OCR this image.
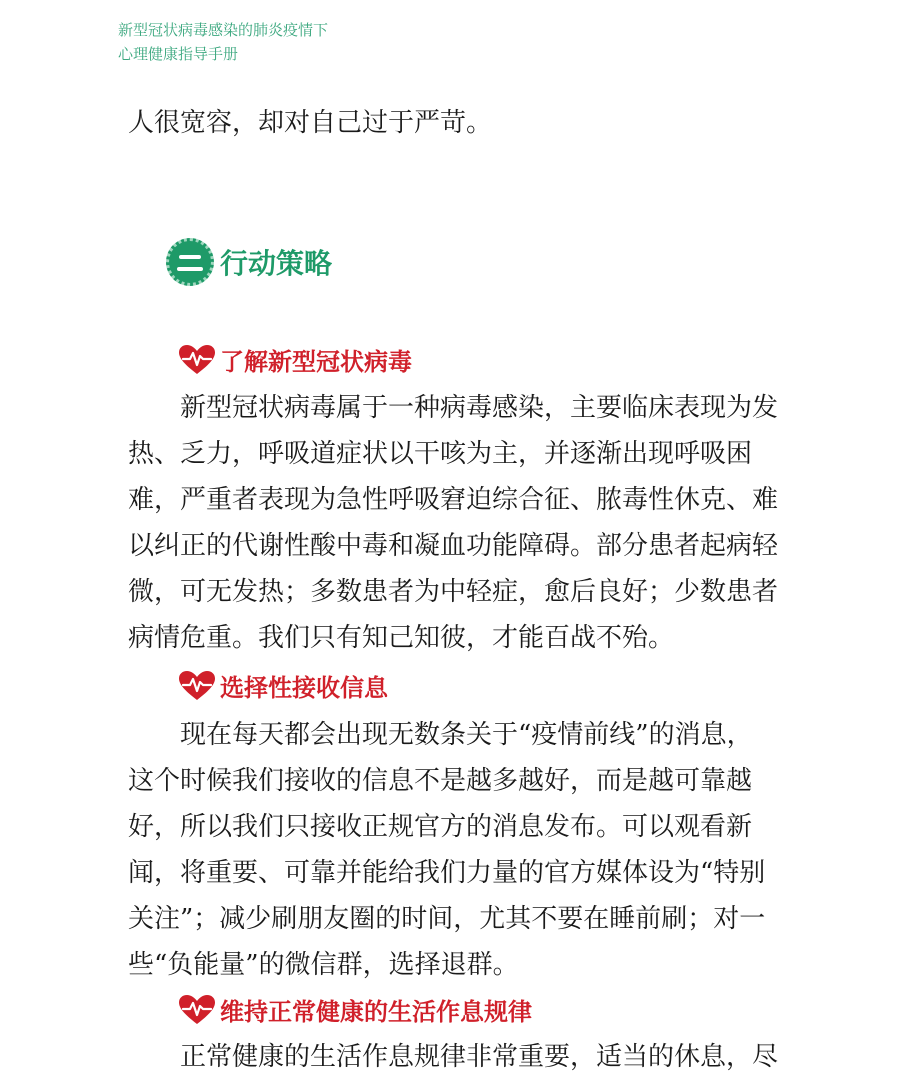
新型冠状病毒感染的肺炎疫情下
心理健康指导手册
人很宽容，却对自己过于严苛。
行动策略
了解新型冠状病毒
新型冠状病毒属于一种病毒感染，主要临床表现为发
热、乏力，呼吸道症状以干咳为主，并逐渐出现呼吸困
难，严重者表现为急性呼吸窘迫综合征、脓毒性休克、难
以纠正的代谢性酸中毒和凝血功能障碍。部分患者起病轻
微，可无发热；多数患者为中轻症，愈后良好；少数患者
病情危重。我们只有知己知彼，才能百战不殆。
选择性接收信息
现在每天都会出现无数条关于“疫情前线”的消息，
这个时候我们接收的信息不是越多越好，而是越可靠越
好，所以我们只接收正规官方的消息发布。可以观看新
闻，将重要、可靠并能给我们力量的官方媒体设为“特别
关注”；减少刷朋友圈的时间，尤其不要在睡前刷；对一
些“负能量”的微信群，选择退群。
维持正常健康的生活作息规律
正常健康的生活作息规律非常重要，适当的休息，尽
